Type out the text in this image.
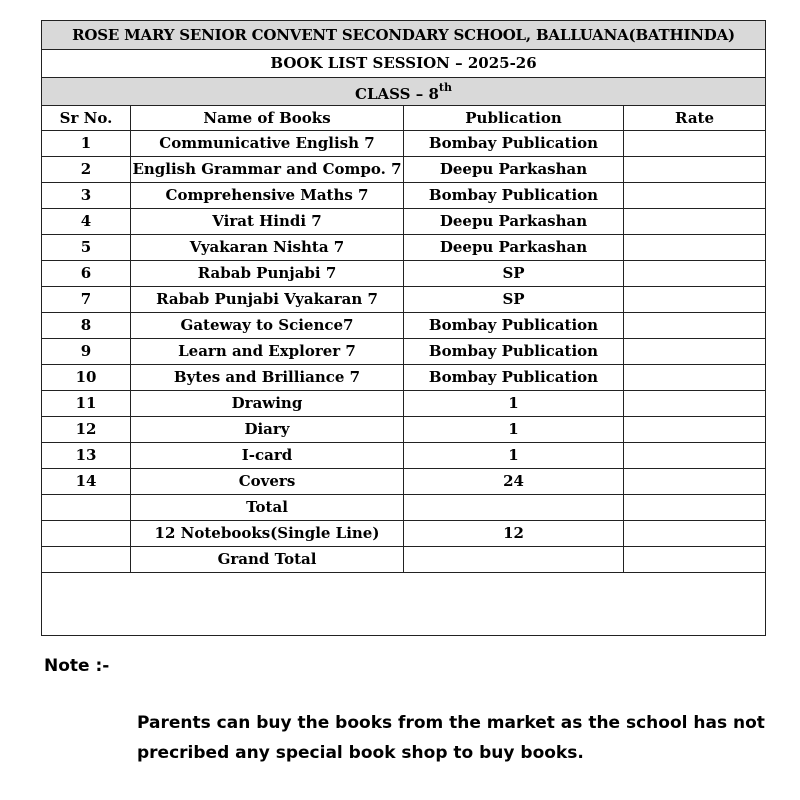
ROSE MARY SENIOR CONVENT SECONDARY SCHOOL, BALLUANA(BATHINDA)			
BOOK LIST SESSION – 2025-26			
CLASS – 8th
Sr No.	Name of Books	Publication	Rate
1	Communicative English 7	Bombay Publication	
2	English Grammar and Compo. 7	Deepu Parkashan	
3	Comprehensive Maths 7	Bombay Publication	
4	Virat Hindi 7	Deepu Parkashan	
5	Vyakaran Nishta 7	Deepu Parkashan	
6	Rabab Punjabi 7	SP	
7	Rabab Punjabi Vyakaran 7	SP	
8	Gateway to Science7	Bombay Publication	
9	Learn and Explorer 7	Bombay Publication	
10	Bytes and Brilliance 7	Bombay Publication	
11	Drawing	1	
12	Diary	1	
13	I-card	1	
14	Covers	24	
	Total		
	12 Notebooks(Single Line)	12	
	Grand Total		

Note :-
Parents can buy the books from the market as the school has not precribed any special book shop to buy books.
